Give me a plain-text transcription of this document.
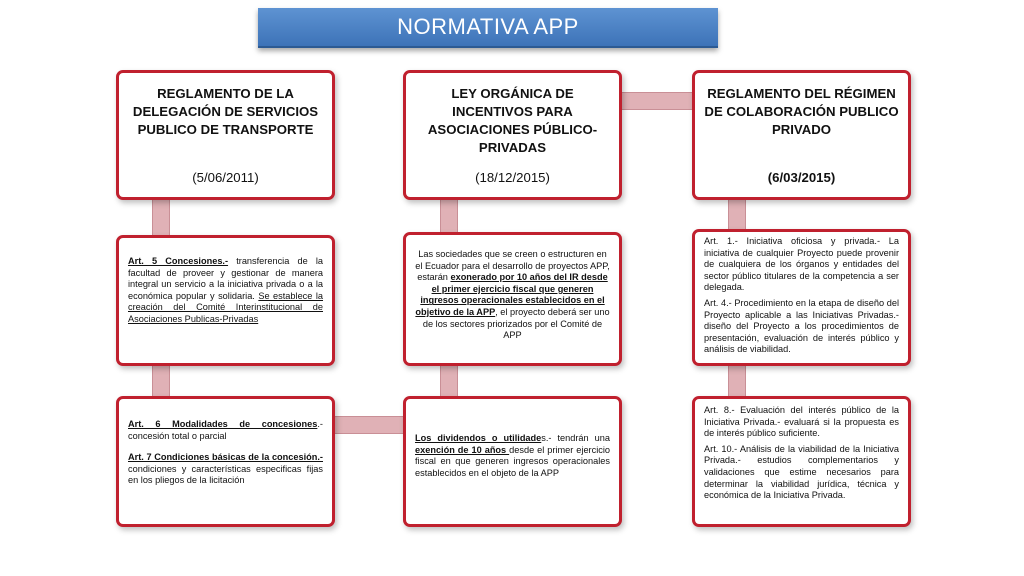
NORMATIVA APP
REGLAMENTO DE LA DELEGACIÓN DE SERVICIOS PUBLICO DE TRANSPORTE
(5/06/2011)
Art. 5 Concesiones.- transferencia de la facultad de proveer y gestionar de manera integral un servicio a la iniciativa privada o a la económica popular y solidaria. Se establece la creación del Comité Interinstitucional de Asociaciones Publicas-Privadas

Art. 6 Modalidades de concesiones.- concesión total o parcial

Art. 7 Condiciones básicas de la concesión.- condiciones y características especificas fijas en los pliegos de la licitación

LEY ORGÁNICA DE INCENTIVOS PARA ASOCIACIONES PÚBLICO-PRIVADAS
(18/12/2015)
Las sociedades que se creen o estructuren en el Ecuador para el desarrollo de proyectos APP, estarán exonerado por 10 años del IR desde el primer ejercicio fiscal que generen ingresos operacionales establecidos en el objetivo de la APP, el proyecto deberá ser uno de los sectores priorizados por el Comité de APP
Los dividendos o utilidades.- tendrán una exención de 10 años desde el primer ejercicio fiscal en que generen ingresos operacionales establecidos en el objeto de la APP
REGLAMENTO DEL RÉGIMEN DE COLABORACIÓN PUBLICO PRIVADO
(6/03/2015)

Art. 1.- Iniciativa oficiosa y privada.- La iniciativa de cualquier Proyecto puede provenir de cualquiera de los órganos y entidades del sector público titulares de la competencia a ser delegada.

Art. 4.- Procedimiento en la etapa de diseño del Proyecto aplicable a las Iniciativas Privadas.- diseño del Proyecto a los procedimientos de presentación, evaluación de interés público y análisis de viabilidad.

Art. 8.- Evaluación del interés público de la Iniciativa Privada.- evaluará si la propuesta es de interés público suficiente.

Art. 10.- Análisis de la viabilidad de la Iniciativa Privada.- estudios complementarios y validaciones que estime necesarios para determinar la viabilidad jurídica, técnica y económica de la Iniciativa Privada.
